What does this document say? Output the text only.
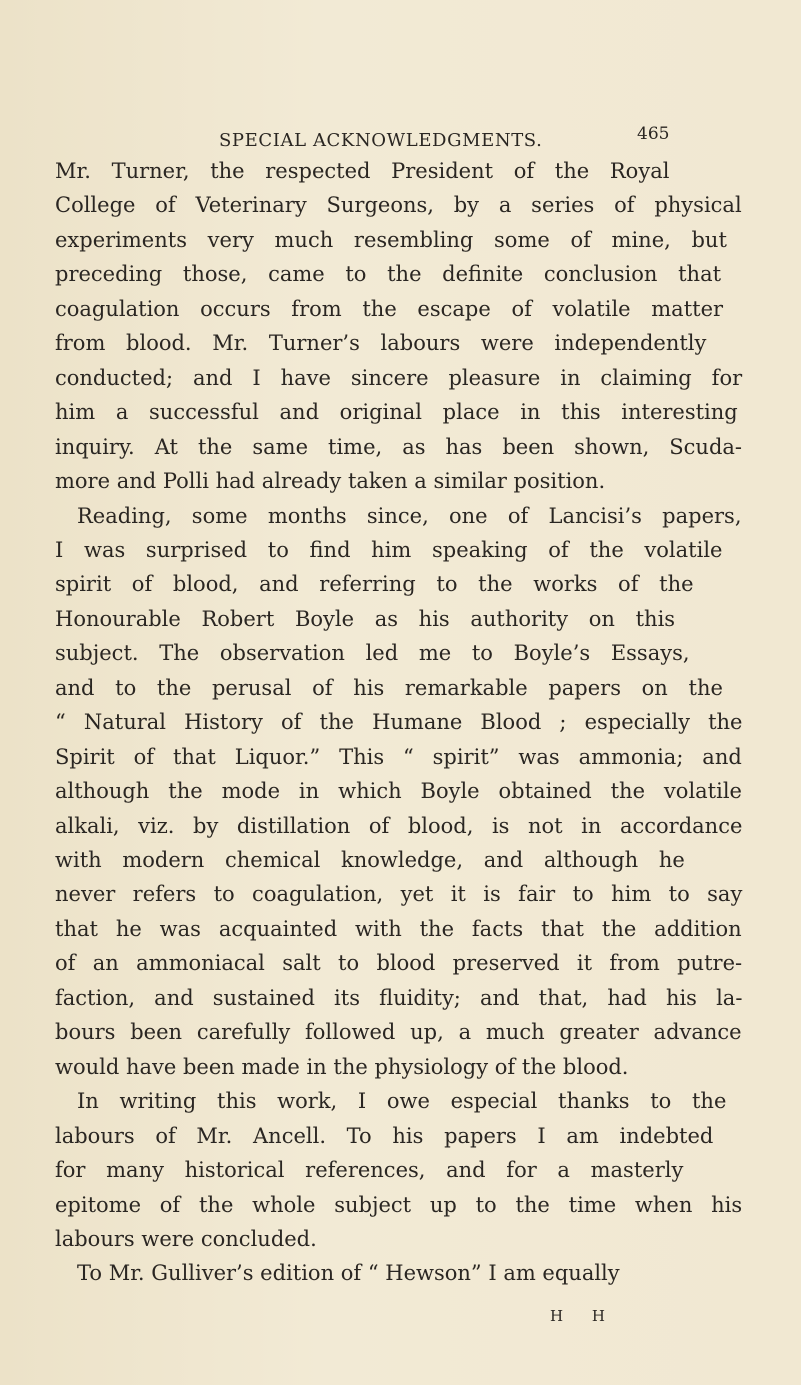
SPECIAL ACKNOWLEDGMENTS.	465
Mr. Turner, the respected President of the Royal
College of Veterinary Surgeons, by a series of physical
experiments very much resembling some of mine, but
preceding those, came to the definite conclusion that
coagulation occurs from the escape of volatile matter
from blood. Mr. Turner’s labours were independently
conducted; and I have sincere pleasure in claiming for
him a successful and original place in this interesting
inquiry. At the same time, as has been shown, Scuda-
more and Polli had already taken a similar position.
Reading, some months since, one of Lancisi’s papers,
I was surprised to find him speaking of the volatile
spirit of blood, and referring to the works of the
Honourable Robert Boyle as his authority on this
subject. The observation led me to Boyle’s Essays,
and to the perusal of his remarkable papers on the
“ Natural History of the Humane Blood ; especially the
Spirit of that Liquor.” This “ spirit” was ammonia; and
although the mode in which Boyle obtained the volatile
alkali, viz. by distillation of blood, is not in accordance
with modern chemical knowledge, and although he
never refers to coagulation, yet it is fair to him to say
that he was acquainted with the facts that the addition
of an ammoniacal salt to blood preserved it from putre-
faction, and sustained its fluidity; and that, had his la-
bours been carefully followed up, a much greater advance
would have been made in the physiology of the blood.
In writing this work, I owe especial thanks to the
labours of Mr. Ancell. To his papers I am indebted
for many historical references, and for a masterly
epitome of the whole subject up to the time when his
labours were concluded.
To Mr. Gulliver’s edition of “ Hewson” I am equally
H H
